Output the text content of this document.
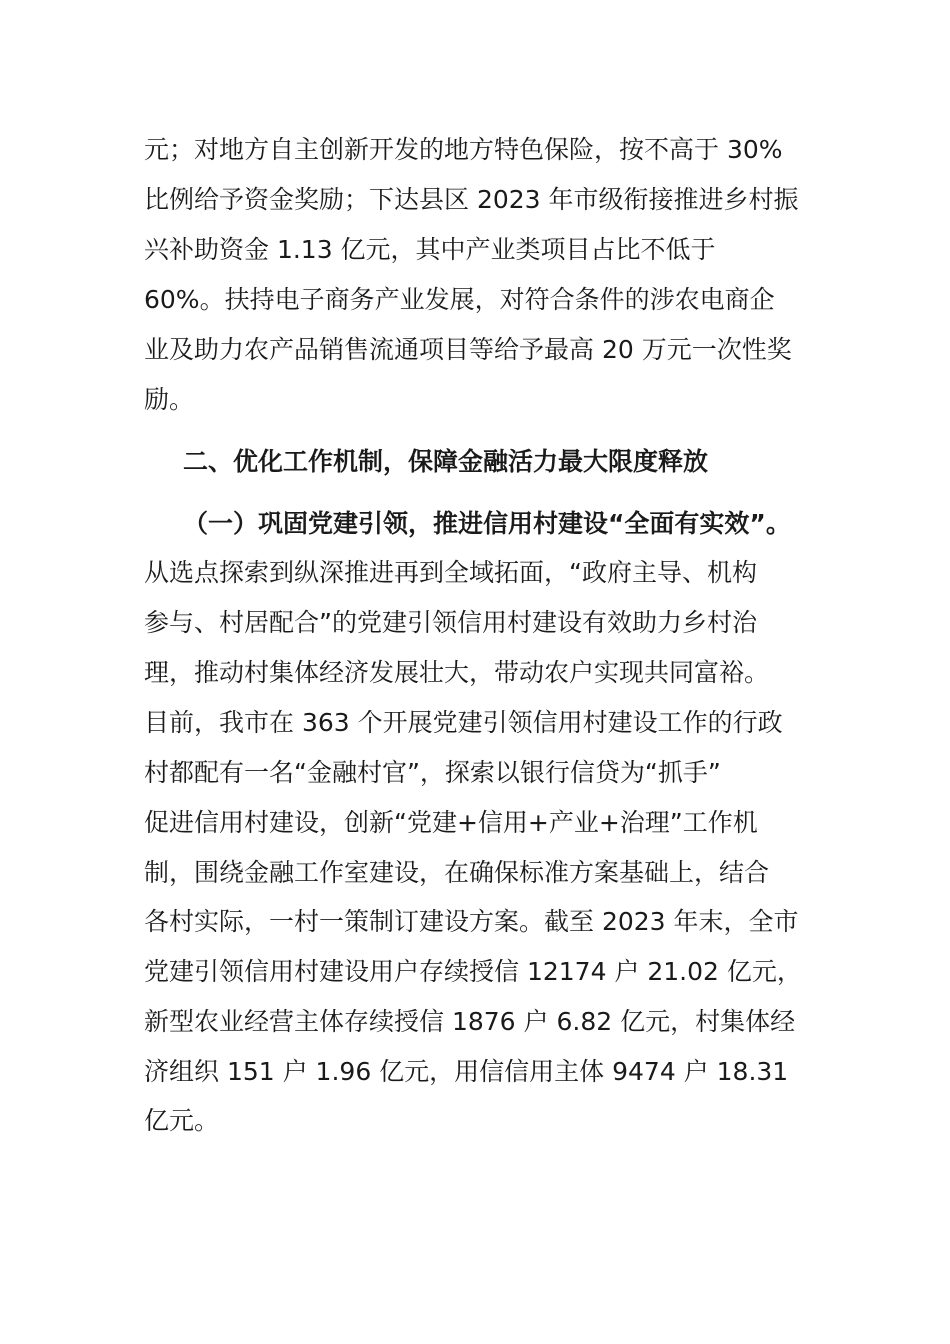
元；对地方自主创新开发的地方特色保险，按不高于 30%
比例给予资金奖励；下达县区 2023 年市级衔接推进乡村振
兴补助资金 1.13 亿元，其中产业类项目占比不低于
60%。扶持电子商务产业发展，对符合条件的涉农电商企
业及助力农产品销售流通项目等给予最高 20 万元一次性奖
励。
二、优化工作机制，保障金融活力最大限度释放
（一）巩固党建引领，推进信用村建设“全面有实效”。
从选点探索到纵深推进再到全域拓面，“政府主导、机构
参与、村居配合”的党建引领信用村建设有效助力乡村治
理，推动村集体经济发展壮大，带动农户实现共同富裕。
目前，我市在 363 个开展党建引领信用村建设工作的行政
村都配有一名“金融村官”，探索以银行信贷为“抓手”
促进信用村建设，创新“党建+信用+产业+治理”工作机
制，围绕金融工作室建设，在确保标准方案基础上，结合
各村实际，一村一策制订建设方案。截至 2023 年末，全市
党建引领信用村建设用户存续授信 12174 户 21.02 亿元，
新型农业经营主体存续授信 1876 户 6.82 亿元，村集体经
济组织 151 户 1.96 亿元，用信信用主体 9474 户 18.31
亿元。
